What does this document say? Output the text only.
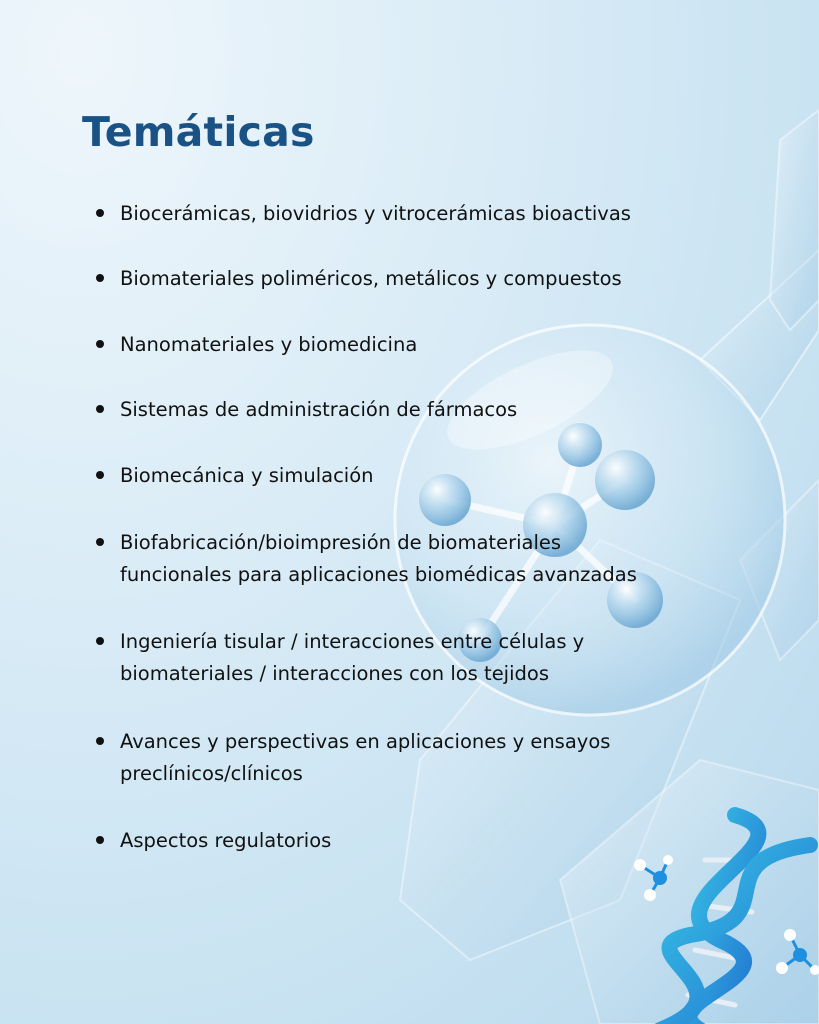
Temáticas
Biocerámicas, biovidrios y vitrocerámicas bioactivas
Biomateriales poliméricos, metálicos y compuestos
Nanomateriales y biomedicina
Sistemas de administración de fármacos
Biomecánica y simulación
Biofabricación/bioimpresión de biomateriales
funcionales para aplicaciones biomédicas avanzadas
Ingeniería tisular / interacciones entre células y
biomateriales / interacciones con los tejidos
Avances y perspectivas en aplicaciones y ensayos
preclínicos/clínicos
Aspectos regulatorios
